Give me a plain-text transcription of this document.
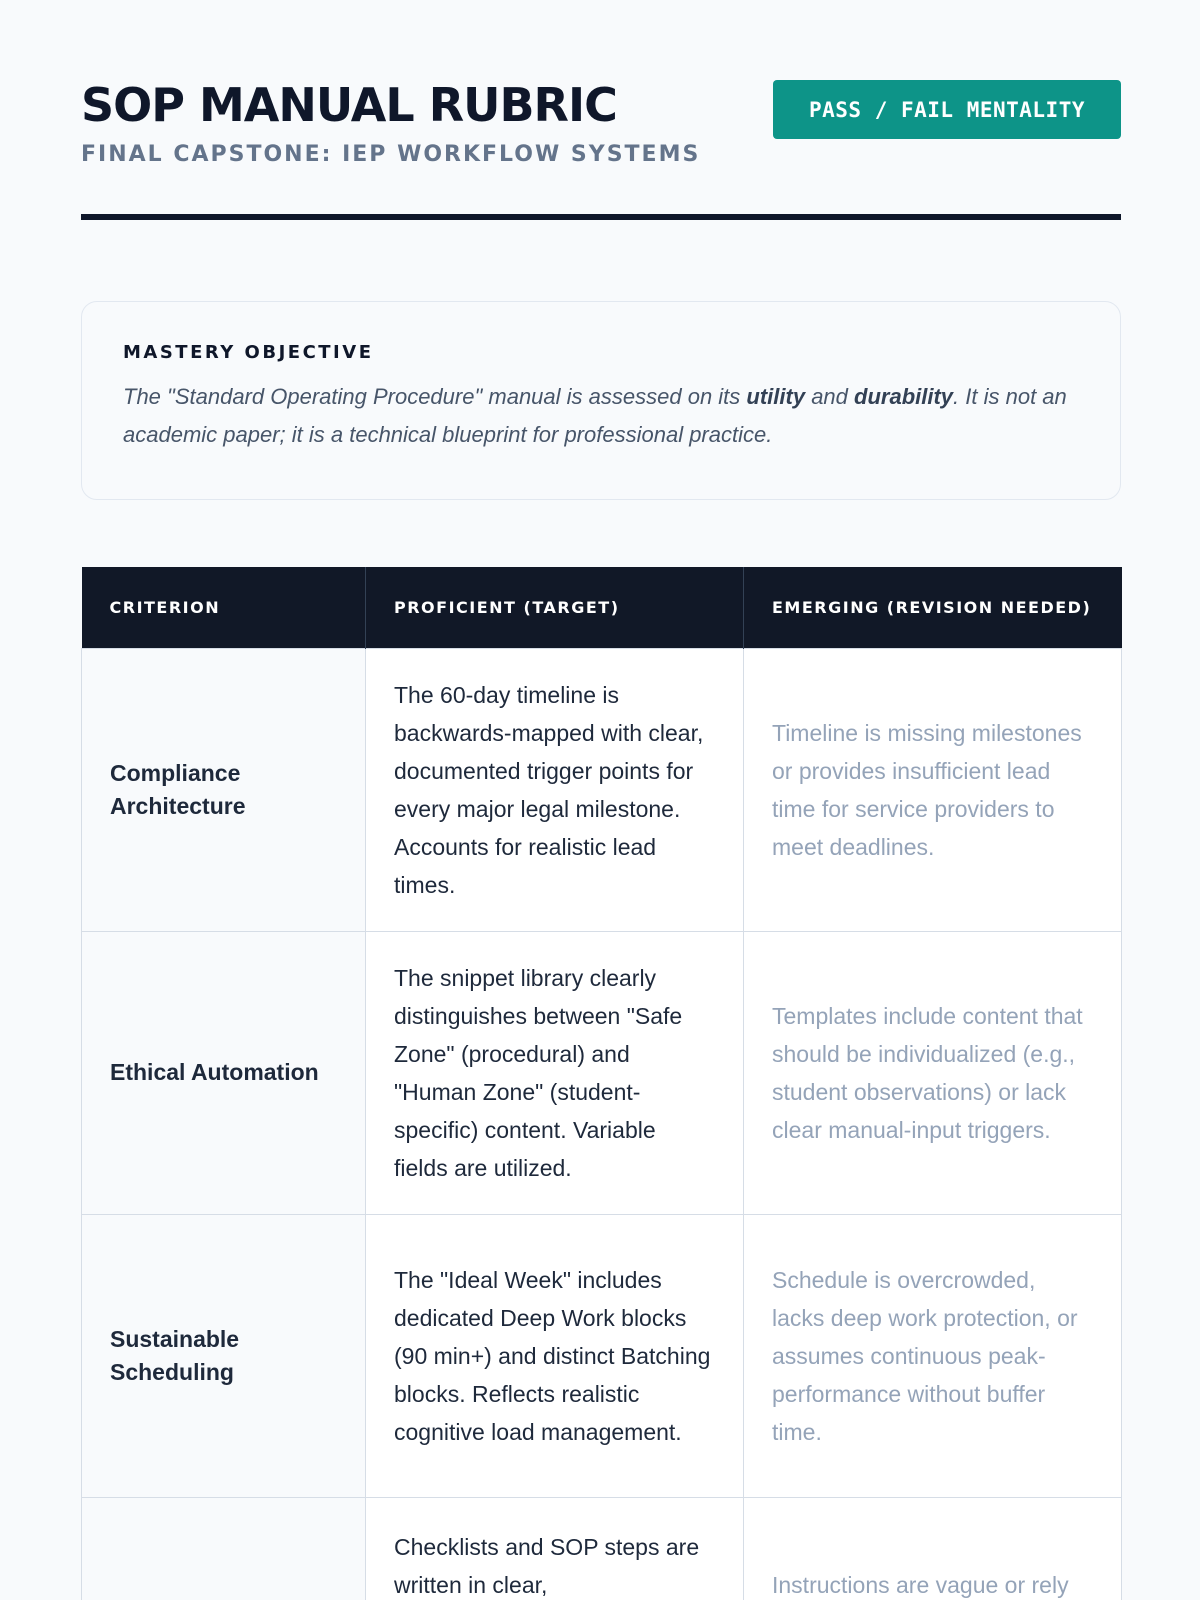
SOP MANUAL RUBRIC
FINAL CAPSTONE: IEP WORKFLOW SYSTEMS
PASS / FAIL MENTALITY
MASTERY OBJECTIVE

The "Standard Operating Procedure" manual is assessed on its utility and durability. It is not an academic paper; it is a technical blueprint for professional practice.

CRITERION	PROFICIENT (TARGET)	EMERGING (REVISION NEEDED)
Compliance Architecture	The 60-day timeline is backwards-mapped with clear, documented trigger points for every major legal milestone. Accounts for realistic lead times.	Timeline is missing milestones or provides insufficient lead time for service providers to meet deadlines.
Ethical Automation	The snippet library clearly distinguishes between "Safe Zone" (procedural) and "Human Zone" (student-specific) content. Variable fields are utilized.	Templates include content that should be individualized (e.g., student observations) or lack clear manual-input triggers.
Sustainable Scheduling	The "Ideal Week" includes dedicated Deep Work blocks (90 min+) and distinct Batching blocks. Reflects realistic cognitive load management.	Schedule is overcrowded, lacks deep work protection, or assumes continuous peak-performance without buffer time.
	Checklists and SOP steps are written in clear,	Instructions are vague or rely
